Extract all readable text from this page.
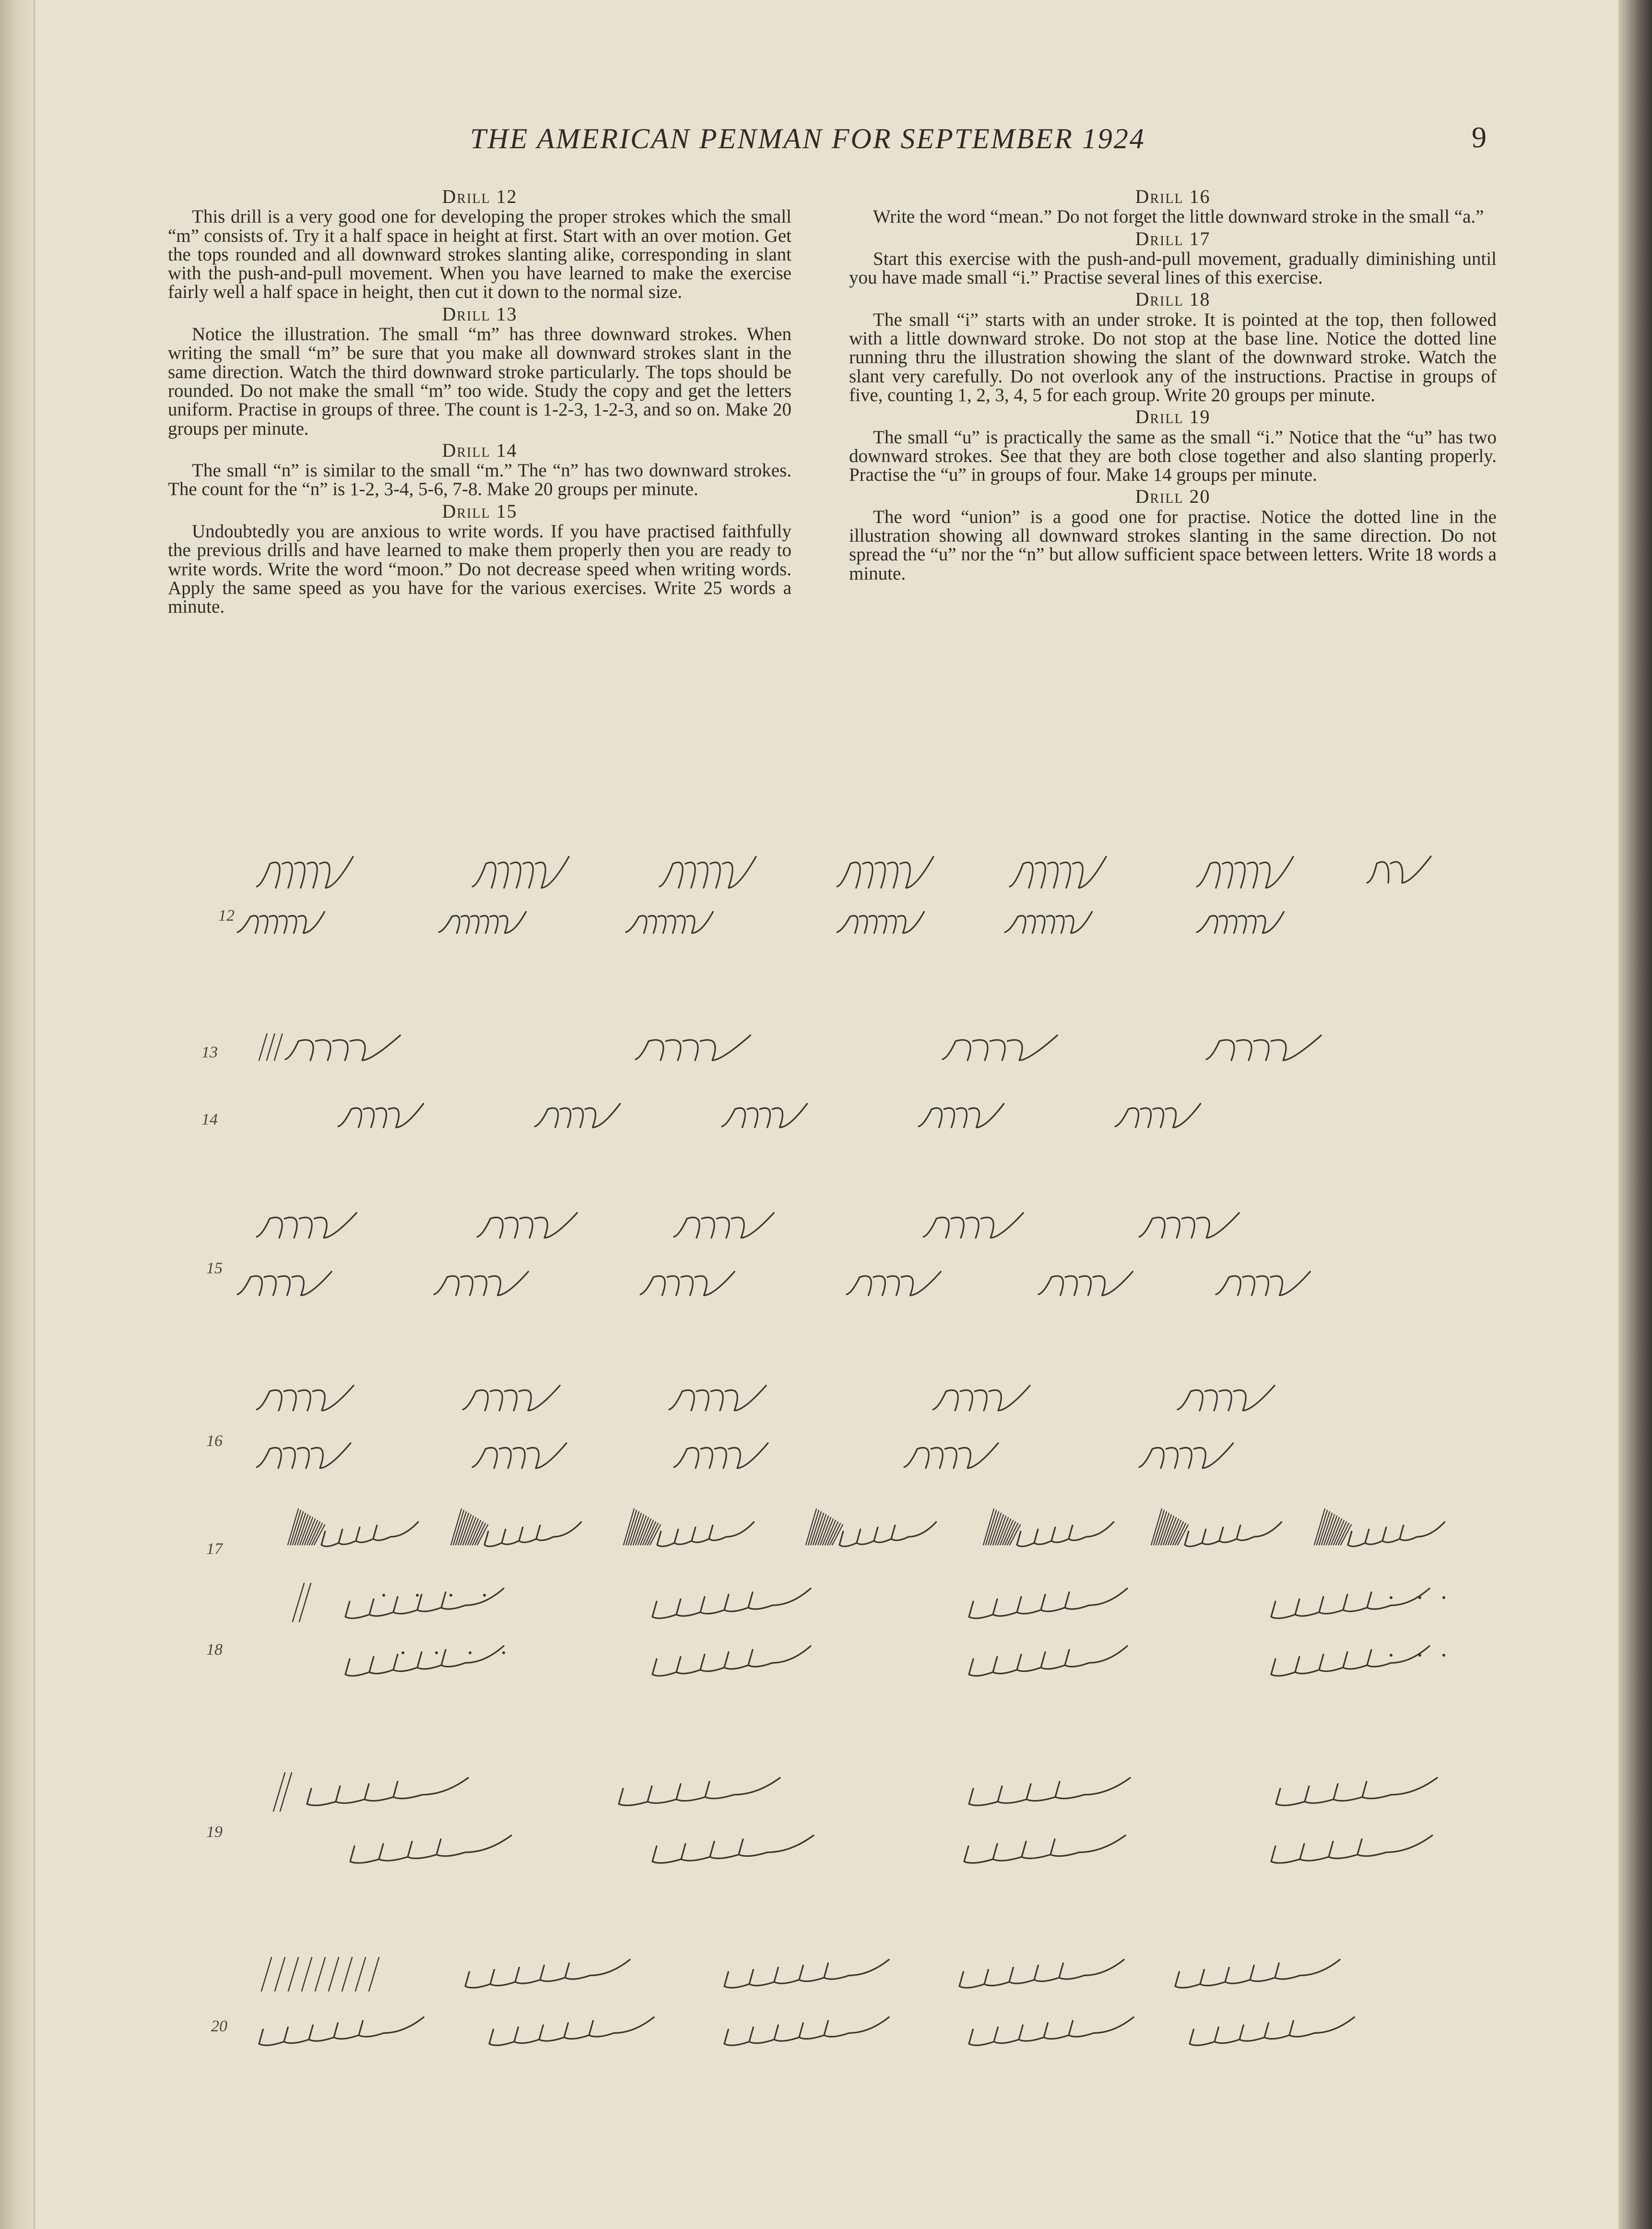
THE AMERICAN PENMAN FOR SEPTEMBER 1924	9
Drill 12
This drill is a very good one for developing the proper strokes which the small “m” consists of. Try it a half space in height at first. Start with an over motion. Get the tops rounded and all downward strokes slanting alike, corresponding in slant with the push-and-pull movement. When you have learned to make the exercise fairly well a half space in height, then cut it down to the normal size.
Drill 13
Notice the illustration. The small “m” has three downward strokes. When writing the small “m” be sure that you make all downward strokes slant in the same direction. Watch the third downward stroke particularly. The tops should be rounded. Do not make the small “m” too wide. Study the copy and get the letters uniform. Practise in groups of three. The count is 1-2-3, 1-2-3, and so on. Make 20 groups per minute.
Drill 14
The small “n” is similar to the small “m.” The “n” has two downward strokes. The count for the “n” is 1-2, 3-4, 5-6, 7-8. Make 20 groups per minute.
Drill 15
Undoubtedly you are anxious to write words. If you have practised faithfully the previous drills and have learned to make them properly then you are ready to write words. Write the word “moon.” Do not decrease speed when writing words. Apply the same speed as you have for the various exercises. Write 25 words a minute.
Drill 16
Write the word “mean.” Do not forget the little downward stroke in the small “a.”
Drill 17
Start this exercise with the push-and-pull movement, gradually diminishing until you have made small “i.” Practise several lines of this exercise.
Drill 18
The small “i” starts with an under stroke. It is pointed at the top, then followed with a little downward stroke. Do not stop at the base line. Notice the dotted line running thru the illustration showing the slant of the downward stroke. Watch the slant very carefully. Do not overlook any of the instructions. Practise in groups of five, counting 1, 2, 3, 4, 5 for each group. Write 20 groups per minute.
Drill 19
The small “u” is practically the same as the small “i.” Notice that the “u” has two downward strokes. See that they are both close together and also slanting properly. Practise the “u” in groups of four. Make 14 groups per minute.
Drill 20
The word “union” is a good one for practise. Notice the dotted line in the illustration showing all downward strokes slanting in the same direction. Do not spread the “u” nor the “n” but allow sufficient space between letters. Write 18 words a minute.
12
13
14
15
16
17
18
19
20
